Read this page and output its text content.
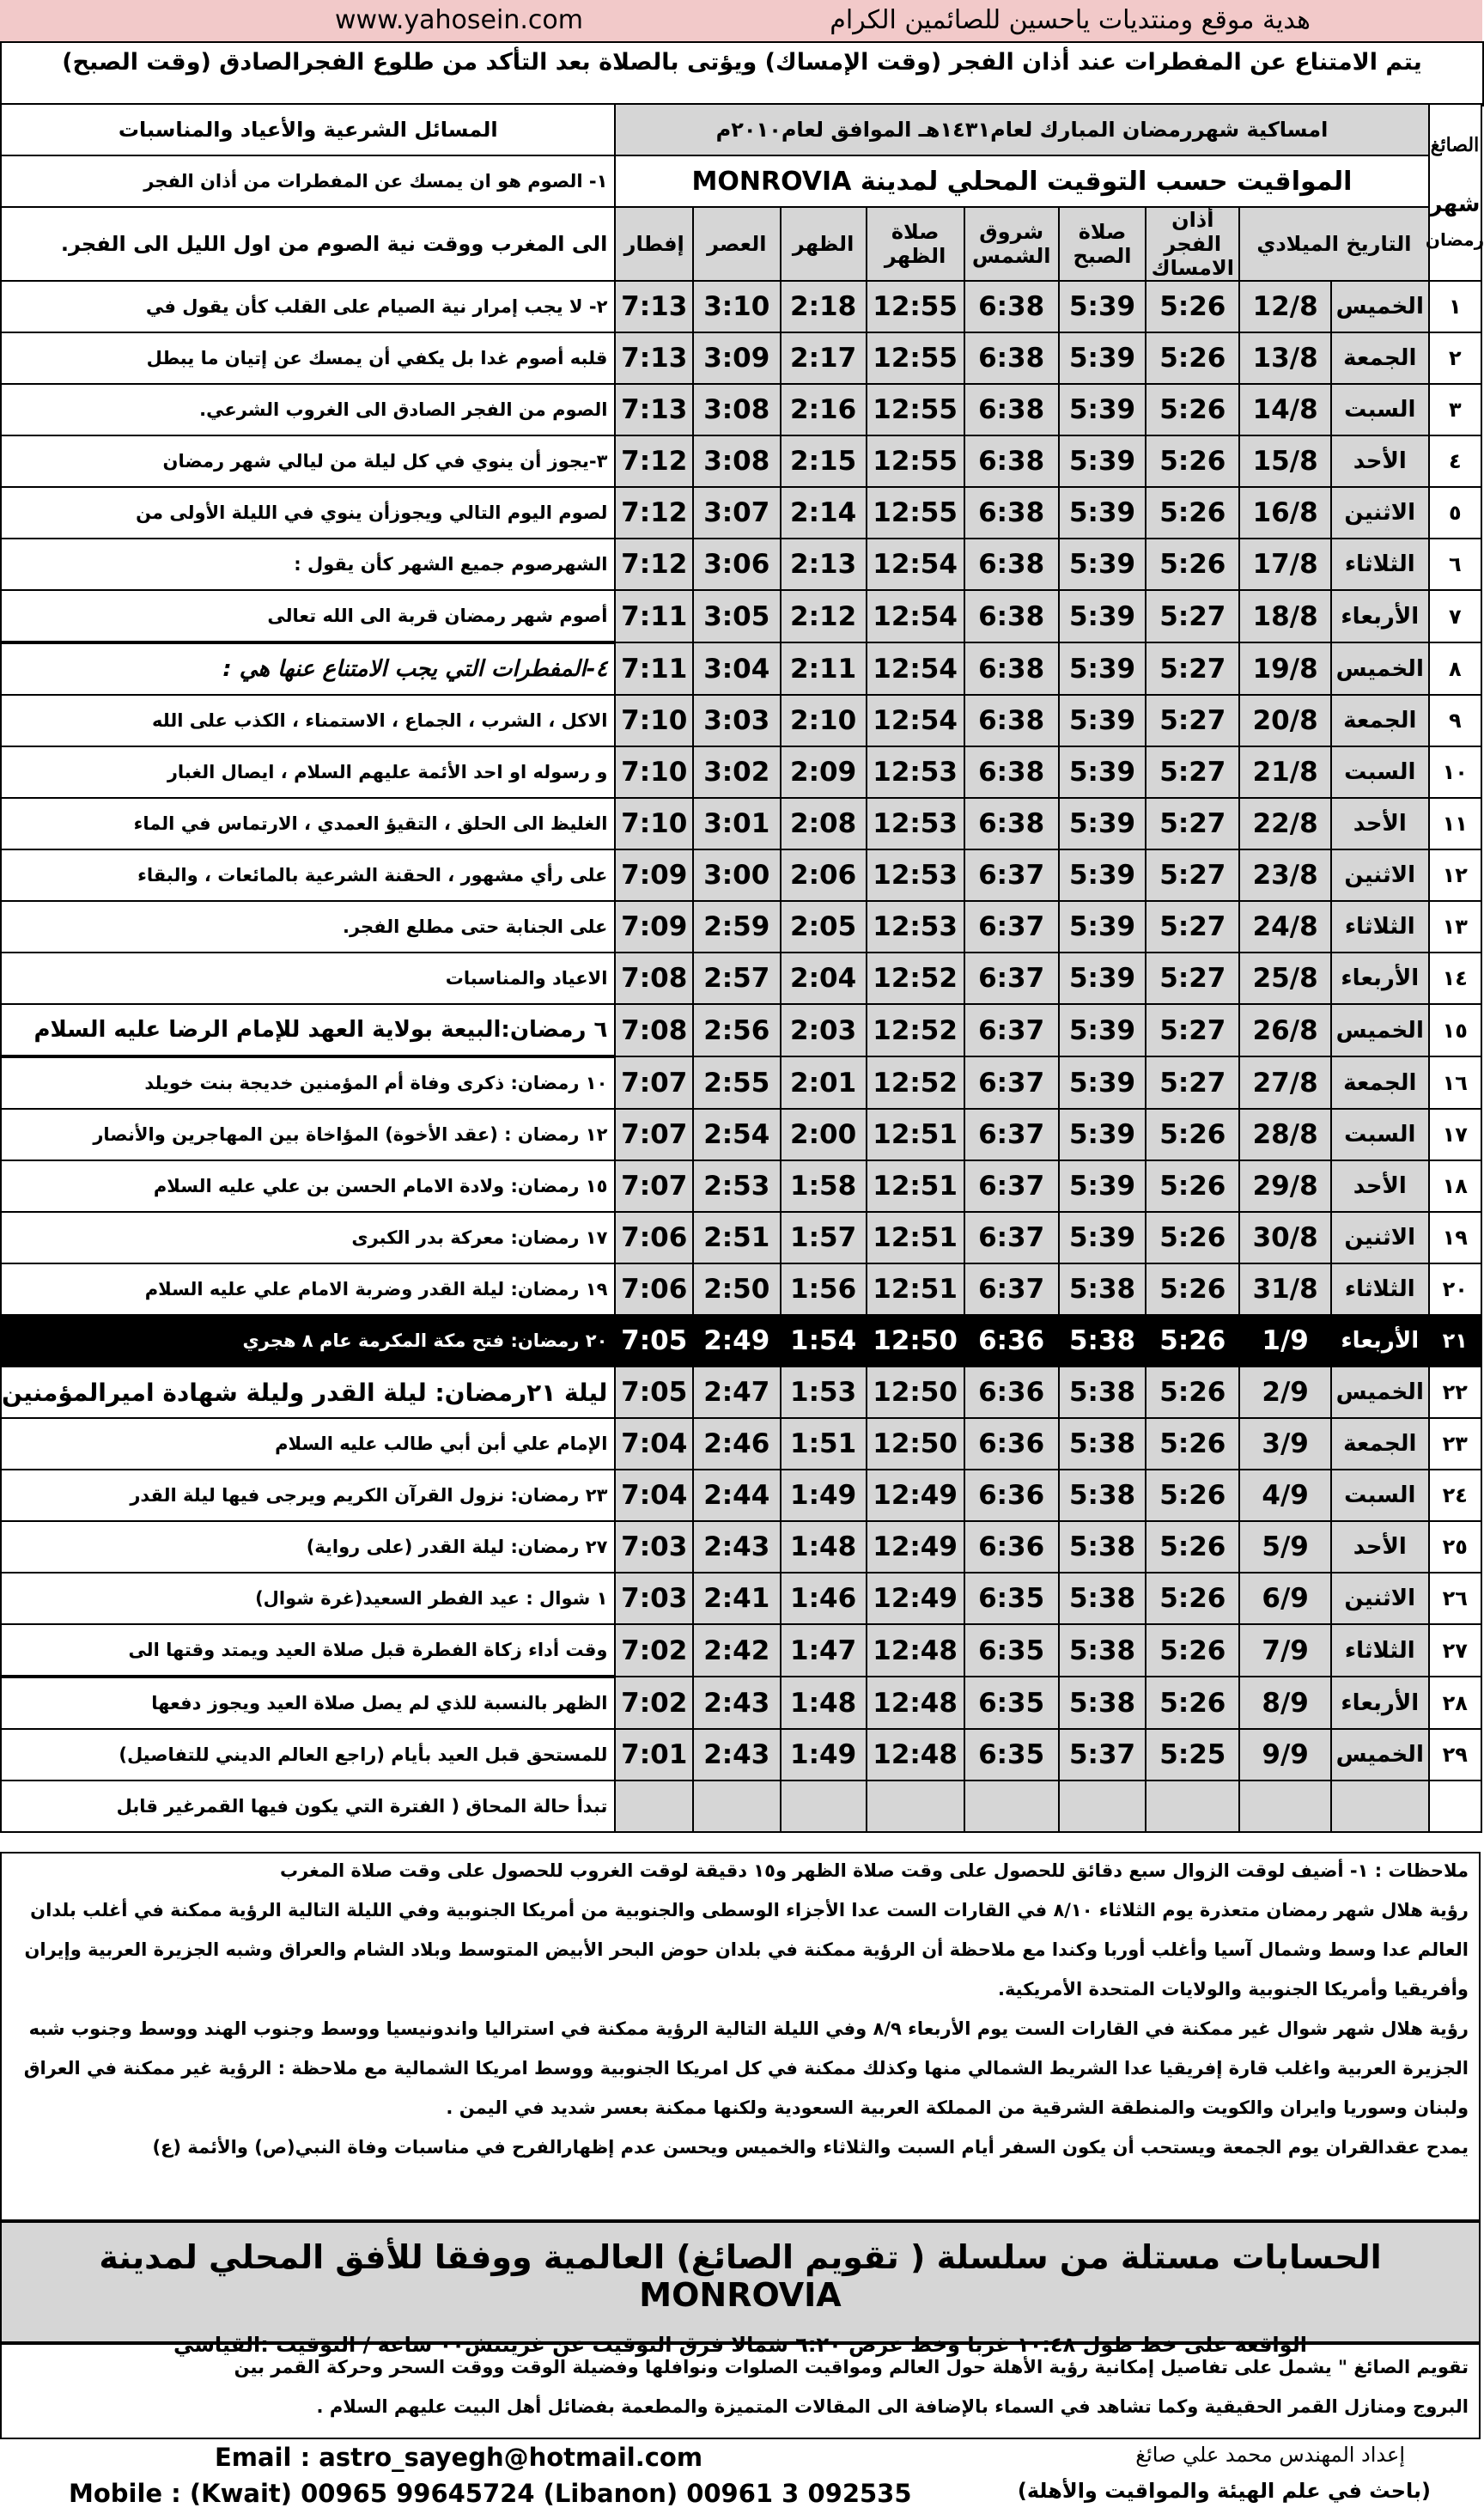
www.yahosein.com	هدية موقع ومنتديات ياحسين للصائمين الكرام
يتم الامتناع عن المفطرات عند أذان الفجر (وقت الإمساك) ويؤتى بالصلاة بعد التأكد من طلوع الفجرالصادق (وقت الصبح)
المسائل الشرعية والأعياد والمناسبات	امساكية شهررمضان المبارك لعام١٤٣١هـ الموافق لعام٢٠١٠م									الصائغ
شهر
رمضان

١- الصوم هو ان يمسك عن المفطرات من أذان الفجر	المواقيت حسب التوقيت المحلي لمدينة MONROVIA									
الى المغرب ووقت نية الصوم من اول الليل الى الفجر.	إفطار	العصر	الظهر	صلاة الظهر	شروق الشمس	صلاة الصبح	أذان الفجر الامساك	التاريخ الميلادي		
٢- لا يجب إمرار نية الصيام على القلب كأن يقول في	7:13	3:10	2:18	12:55	6:38	5:39	5:26	12/8	الخميس	١
قلبه أصوم غدا بل يكفي أن يمسك عن إتيان ما يبطل	7:13	3:09	2:17	12:55	6:38	5:39	5:26	13/8	الجمعة	٢
الصوم من الفجر الصادق الى الغروب الشرعي.	7:13	3:08	2:16	12:55	6:38	5:39	5:26	14/8	السبت	٣
٣-يجوز أن ينوي في كل ليلة من ليالي شهر رمضان	7:12	3:08	2:15	12:55	6:38	5:39	5:26	15/8	الأحد	٤
لصوم اليوم التالي ويجوزأن ينوي في الليلة الأولى من	7:12	3:07	2:14	12:55	6:38	5:39	5:26	16/8	الاثنين	٥
الشهرصوم جميع الشهر كأن يقول :	7:12	3:06	2:13	12:54	6:38	5:39	5:26	17/8	الثلاثاء	٦
أصوم شهر رمضان قربة الى الله تعالى	7:11	3:05	2:12	12:54	6:38	5:39	5:27	18/8	الأربعاء	٧
٤-المفطرات التي يجب الامتناع عنها هي :	7:11	3:04	2:11	12:54	6:38	5:39	5:27	19/8	الخميس	٨
الاكل ، الشرب ، الجماع ، الاستمناء ، الكذب على الله	7:10	3:03	2:10	12:54	6:38	5:39	5:27	20/8	الجمعة	٩
و رسوله او احد الأئمة عليهم السلام ، ايصال الغبار	7:10	3:02	2:09	12:53	6:38	5:39	5:27	21/8	السبت	١٠
الغليظ الى الحلق ، التقيؤ العمدي ، الارتماس في الماء	7:10	3:01	2:08	12:53	6:38	5:39	5:27	22/8	الأحد	١١
على رأي مشهور ، الحقنة الشرعية بالمائعات ، والبقاء	7:09	3:00	2:06	12:53	6:37	5:39	5:27	23/8	الاثنين	١٢
على الجنابة حتى مطلع الفجر.	7:09	2:59	2:05	12:53	6:37	5:39	5:27	24/8	الثلاثاء	١٣
الاعياد والمناسبات	7:08	2:57	2:04	12:52	6:37	5:39	5:27	25/8	الأربعاء	١٤
٦ رمضان:البيعة بولاية العهد للإمام الرضا عليه السلام	7:08	2:56	2:03	12:52	6:37	5:39	5:27	26/8	الخميس	١٥
١٠ رمضان: ذكرى وفاة أم المؤمنين خديجة بنت خويلد	7:07	2:55	2:01	12:52	6:37	5:39	5:27	27/8	الجمعة	١٦
١٢ رمضان : (عقد الأخوة) المؤاخاة بين المهاجرين والأنصار	7:07	2:54	2:00	12:51	6:37	5:39	5:26	28/8	السبت	١٧
١٥ رمضان: ولادة الامام الحسن بن علي عليه السلام	7:07	2:53	1:58	12:51	6:37	5:39	5:26	29/8	الأحد	١٨
١٧ رمضان: معركة بدر الكبرى	7:06	2:51	1:57	12:51	6:37	5:39	5:26	30/8	الاثنين	١٩
١٩ رمضان: ليلة القدر وضربة الامام علي عليه السلام	7:06	2:50	1:56	12:51	6:37	5:38	5:26	31/8	الثلاثاء	٢٠
٢٠ رمضان: فتح مكة المكرمة عام ٨ هجري	7:05	2:49	1:54	12:50	6:36	5:38	5:26	1/9	الأربعاء	٢١
ليلة ٢١رمضان: ليلة القدر وليلة شهادة اميرالمؤمنين	7:05	2:47	1:53	12:50	6:36	5:38	5:26	2/9	الخميس	٢٢
الإمام علي أبن أبي طالب عليه السلام	7:04	2:46	1:51	12:50	6:36	5:38	5:26	3/9	الجمعة	٢٣
٢٣ رمضان: نزول القرآن الكريم ويرجى فيها ليلة القدر	7:04	2:44	1:49	12:49	6:36	5:38	5:26	4/9	السبت	٢٤
٢٧ رمضان: ليلة القدر (على رواية)	7:03	2:43	1:48	12:49	6:36	5:38	5:26	5/9	الأحد	٢٥
١ شوال : عيد الفطر السعيد(غرة شوال)	7:03	2:41	1:46	12:49	6:35	5:38	5:26	6/9	الاثنين	٢٦
وقت أداء زكاة الفطرة قبل صلاة العيد ويمتد وقتها الى	7:02	2:42	1:47	12:48	6:35	5:38	5:26	7/9	الثلاثاء	٢٧
الظهر بالنسبة للذي لم يصل صلاة العيد ويجوز دفعها	7:02	2:43	1:48	12:48	6:35	5:38	5:26	8/9	الأربعاء	٢٨
للمستحق قبل العيد بأيام (راجع العالم الديني للتفاصيل)	7:01	2:43	1:49	12:48	6:35	5:37	5:25	9/9	الخميس	٢٩
تبدأ حالة المحاق ( الفترة التي يكون فيها القمرغير قابل										

ملاحظات : ١- أضيف لوقت الزوال سبع دقائق للحصول على وقت صلاة الظهر و١٥ دقيقة لوقت الغروب للحصول على وقت صلاة المغرب

رؤية هلال شهر رمضان متعذرة يوم الثلاثاء ٨/١٠ في القارات الست عدا الأجزاء الوسطى والجنوبية من أمريكا الجنوبية وفي الليلة التالية الرؤية ممكنة في أغلب بلدان

العالم عدا وسط وشمال آسيا وأغلب أوربا وكندا مع ملاحظة أن الرؤية ممكنة في بلدان حوض البحر الأبيض المتوسط وبلاد الشام والعراق وشبه الجزيرة العربية وإيران

وأفريقيا وأمريكا الجنوبية والولايات المتحدة الأمريكية.

رؤية هلال شهر شوال غير ممكنة في القارات الست يوم الأربعاء ٨/٩ وفي الليلة التالية الرؤية ممكنة في استراليا واندونيسيا ووسط وجنوب الهند ووسط وجنوب شبه

الجزيرة العربية واغلب قارة إفريقيا عدا الشريط الشمالي منها وكذلك ممكنة في كل امريكا الجنوبية ووسط امريكا الشمالية مع ملاحظة : الرؤية غير ممكنة في العراق

ولبنان وسوريا وايران والكويت والمنطقة الشرقية من المملكة العربية السعودية ولكنها ممكنة بعسر شديد في اليمن .

يمدح عقدالقران يوم الجمعة ويستحب أن يكون السفر أيام السبت والثلاثاء والخميس ويحسن عدم إظهارالفرح في مناسبات وفاة النبي(ص) والأئمة (ع)

الحسابات مستلة من سلسلة ( تقويم الصائغ) العالمية ووفقا للأفق المحلي لمدينة MONROVIA
الواقعة على خط طول ١٠:٤٨ غربا وخط عرض ٦:٢٠ شمالا فرق التوقيت عن غرينتش٠٠ ساعة / التوقيت :القياسي

تقويم الصائغ " يشمل على تفاصيل إمكانية رؤية الأهلة حول العالم ومواقيت الصلوات ونوافلها وفضيلة الوقت ووقت السحر وحركة القمر بين

البروج ومنازل القمر الحقيقية وكما تشاهد في السماء بالإضافة الى المقالات المتميزة والمطعمة بفضائل أهل البيت عليهم السلام .

Email : astro_sayegh@hotmail.com
Mobile : (Kwait) 00965 99645724 (Libanon) 00961 3 092535
إعداد المهندس محمد علي صائغ
(باحث في علم الهيئة والمواقيت والأهلة)
